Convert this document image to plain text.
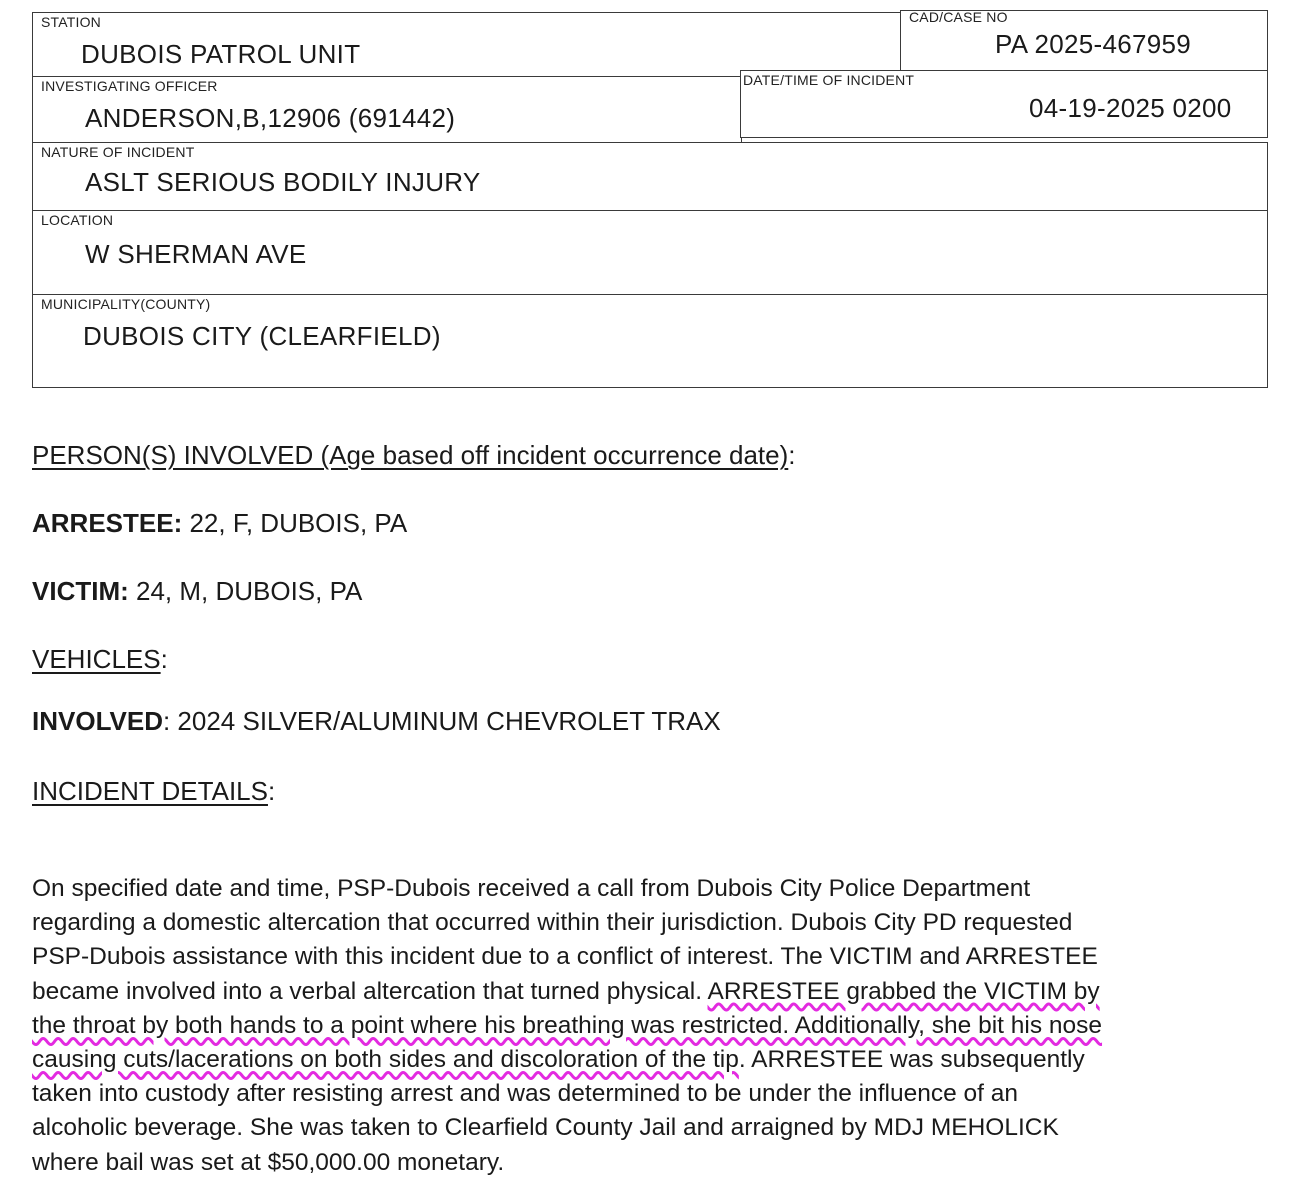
STATION
DUBOIS PATROL UNIT
CAD/CASE NO
PA 2025-467959
INVESTIGATING OFFICER
ANDERSON,B,12906 (691442)
DATE/TIME OF INCIDENT
04-19-2025 0200
NATURE OF INCIDENT
ASLT SERIOUS BODILY INJURY
LOCATION
W SHERMAN AVE
MUNICIPALITY(COUNTY)
DUBOIS CITY (CLEARFIELD)
PERSON(S) INVOLVED (Age based off incident occurrence date):
ARRESTEE: 22, F, DUBOIS, PA
VICTIM: 24, M, DUBOIS, PA
VEHICLES:
INVOLVED: 2024 SILVER/ALUMINUM CHEVROLET TRAX
INCIDENT DETAILS:
On specified date and time, PSP-Dubois received a call from Dubois City Police Department
regarding a domestic altercation that occurred within their jurisdiction. Dubois City PD requested
PSP-Dubois assistance with this incident due to a conflict of interest. The VICTIM and ARRESTEE
became involved into a verbal altercation that turned physical. ARRESTEE grabbed the VICTIM by
the throat by both hands to a point where his breathing was restricted. Additionally, she bit his nose
causing cuts/lacerations on both sides and discoloration of the tip. ARRESTEE was subsequently
taken into custody after resisting arrest and was determined to be under the influence of an
alcoholic beverage. She was taken to Clearfield County Jail and arraigned by MDJ MEHOLICK
where bail was set at $50,000.00 monetary.
